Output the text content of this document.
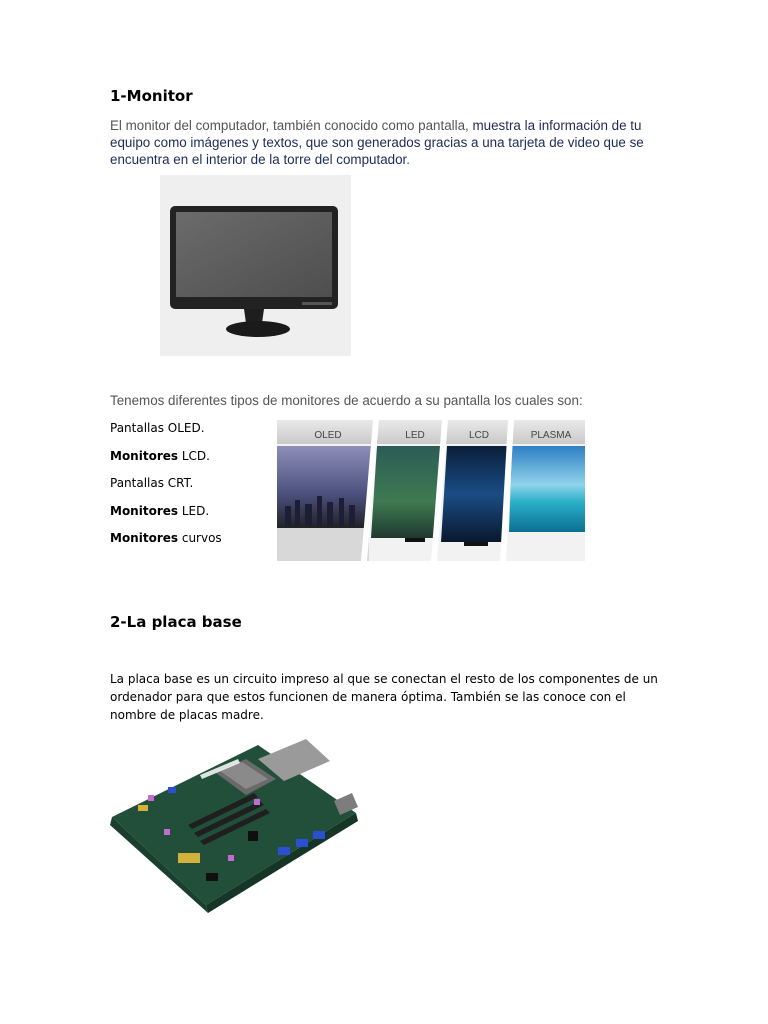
1-Monitor

El monitor del computador, también conocido como pantalla, muestra la información de tu equipo como imágenes y textos, que son generados gracias a una tarjeta de video que se encuentra en el interior de la torre del computador.

Tenemos diferentes tipos de monitores de acuerdo a su pantalla los cuales son:
Pantallas OLED.
Monitores LCD.
Pantallas CRT.
Monitores LED.
Monitores curvos
OLED	LED	LCD	PLASMA
2-La placa base

La placa base es un circuito impreso al que se conectan el resto de los componentes de un ordenador para que estos funcionen de manera óptima. También se las conoce con el nombre de placas madre.
